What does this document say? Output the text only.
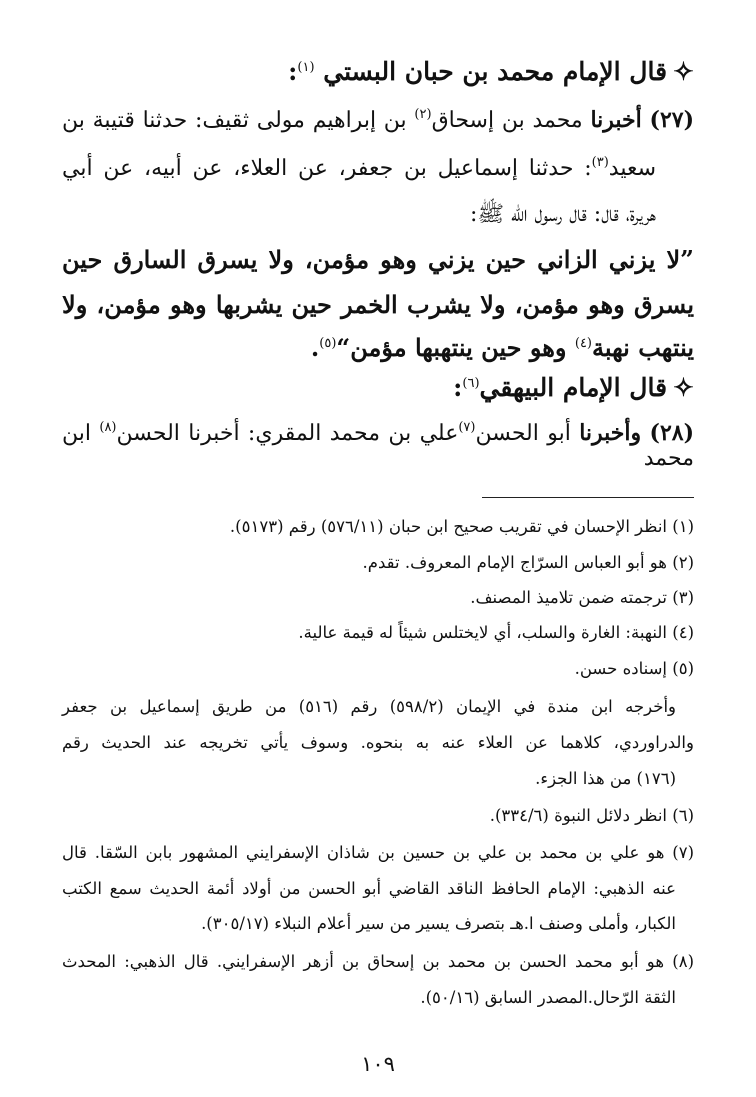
✧قال الإمام محمد بن حبان البستي $^{(١)}$:
(٢٧) أخبرنا محمد بن إسحاق$^{(٢)}$ بن إبراهيم مولى ثقيف: حدثنا قتيبة بن
سعيد$^{(٣)}$: حدثنا إسماعيل بن جعفر، عن العلاء، عن أبيه، عن أبي
هريرة، قال: قال رسول الله ﷺ:
”لا يزني الزاني حين يزني وهو مؤمن، ولا يسرق السارق حين
يسرق وهو مؤمن، ولا يشرب الخمر حين يشربها وهو مؤمن، ولا
ينتهب نهبة$^{(٤)}$ وهو حين ينتهبها مؤمن“$^{(٥)}$.
✧قال الإمام البيهقي$^{(٦)}$:
(٢٨) وأخبرنا أبو الحسن$^{(٧)}$علي بن محمد المقري: أخبرنا الحسن$^{(٨)}$ ابن محمد
(١) انظر الإحسان في تقريب صحيح ابن حبان (٥٧٦/١١) رقم (٥١٧٣).
(٢) هو أبو العباس السرّاج الإمام المعروف. تقدم.
(٣) ترجمته ضمن تلاميذ المصنف.
(٤) النهبة: الغارة والسلب، أي لايختلس شيئاً له قيمة عالية.
(٥) إسناده حسن.
وأخرجه ابن مندة في الإيمان (٥٩٨/٢) رقم (٥١٦) من طريق إسماعيل بن جعفر
والدراوردي، كلاهما عن العلاء عنه به بنحوه. وسوف يأتي تخريجه عند الحديث رقم
(١٧٦) من هذا الجزء.
(٦) انظر دلائل النبوة (٣٣٤/٦).
(٧) هو علي بن محمد بن علي بن حسين بن شاذان الإسفرايني المشهور بابن السّقا. قال
عنه الذهبي: الإمام الحافظ الناقد القاضي أبو الحسن من أولاد أئمة الحديث سمع الكتب
الكبار، وأملى وصنف ا.هـ بتصرف يسير من سير أعلام النبلاء (٣٠٥/١٧).
(٨) هو أبو محمد الحسن بن محمد بن إسحاق بن أزهر الإسفرايني. قال الذهبي: المحدث
الثقة الرّحال.المصدر السابق (٥٠/١٦).
١٠٩
